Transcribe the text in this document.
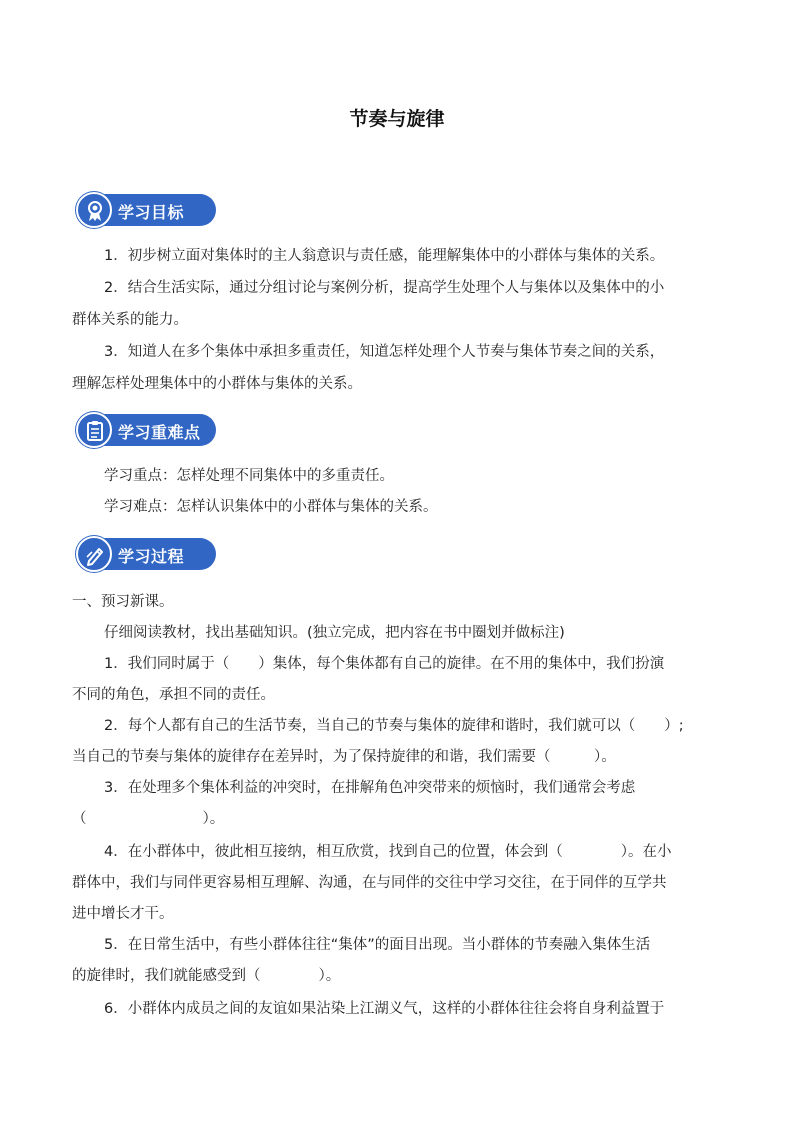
节奏与旋律
学习目标
1．初步树立面对集体时的主人翁意识与责任感，能理解集体中的小群体与集体的关系。
2．结合生活实际，通过分组讨论与案例分析，提高学生处理个人与集体以及集体中的小
群体关系的能力。
3．知道人在多个集体中承担多重责任，知道怎样处理个人节奏与集体节奏之间的关系，
理解怎样处理集体中的小群体与集体的关系。
学习重难点
学习重点：怎样处理不同集体中的多重责任。
学习难点：怎样认识集体中的小群体与集体的关系。
学习过程
一、预习新课。
仔细阅读教材，找出基础知识。(独立完成，把内容在书中圈划并做标注)
1．我们同时属于（　　）集体，每个集体都有自己的旋律。在不用的集体中，我们扮演
不同的角色，承担不同的责任。
2．每个人都有自己的生活节奏，当自己的节奏与集体的旋律和谐时，我们就可以（　　）;
当自己的节奏与集体的旋律存在差异时，为了保持旋律的和谐，我们需要（　　　）。
3．在处理多个集体利益的冲突时，在排解角色冲突带来的烦恼时，我们通常会考虑
（　　　　　　　　）。
4．在小群体中，彼此相互接纳，相互欣赏，找到自己的位置，体会到（　　　　）。在小
群体中，我们与同伴更容易相互理解、沟通，在与同伴的交往中学习交往，在于同伴的互学共
进中增长才干。
5．在日常生活中，有些小群体往往“集体”的面目出现。当小群体的节奏融入集体生活
的旋律时，我们就能感受到（　　　　）。
6．小群体内成员之间的友谊如果沾染上江湖义气，这样的小群体往往会将自身利益置于
